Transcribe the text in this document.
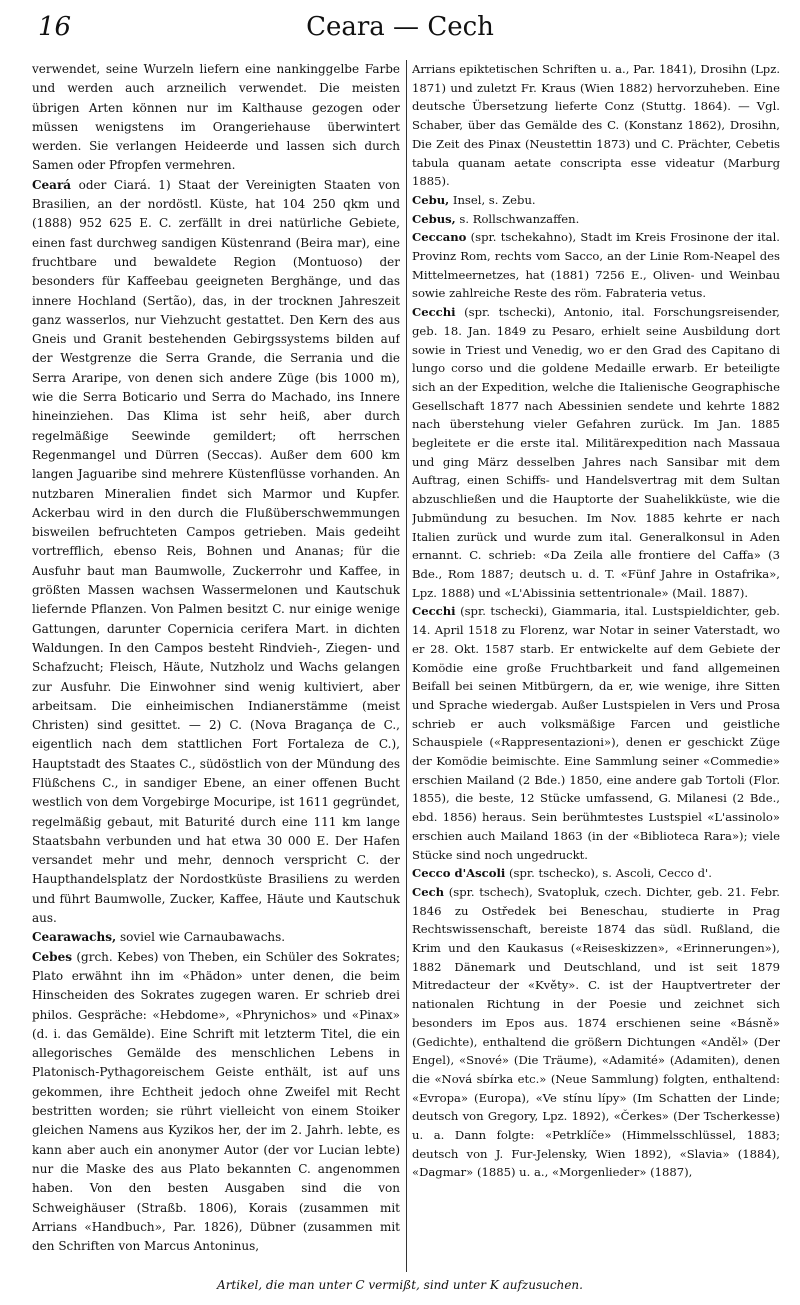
16	Ceara — Cech

verwendet, seine Wurzeln liefern eine nankinggelbe Farbe und werden auch arzneilich verwendet. Die meisten übrigen Arten können nur im Kalthause gezogen oder müssen wenigstens im Orangeriehause überwintert werden. Sie verlangen Heideerde und lassen sich durch Samen oder Pfropfen vermehren.

Ceará oder Ciará. 1) Staat der Vereinigten Staaten von Brasilien, an der nordöstl. Küste, hat 104 250 qkm und (1888) 952 625 E. C. zerfällt in drei natürliche Gebiete, einen fast durchweg sandigen Küstenrand (Beira mar), eine fruchtbare und bewaldete Region (Montuoso) der besonders für Kaffeebau geeigneten Berghänge, und das innere Hochland (Sertão), das, in der trocknen Jahreszeit ganz wasserlos, nur Viehzucht gestattet. Den Kern des aus Gneis und Granit bestehenden Gebirgssystems bilden auf der Westgrenze die Serra Grande, die Serrania und die Serra Araripe, von denen sich andere Züge (bis 1000 m), wie die Serra Boticario und Serra do Machado, ins Innere hineinziehen. Das Klima ist sehr heiß, aber durch regelmäßige Seewinde gemildert; oft herrschen Regenmangel und Dürren (Seccas). Außer dem 600 km langen Jaguaribe sind mehrere Küstenflüsse vorhanden. An nutzbaren Mineralien findet sich Marmor und Kupfer. Ackerbau wird in den durch die Flußüberschwemmungen bisweilen befruchteten Campos getrieben. Mais gedeiht vortrefflich, ebenso Reis, Bohnen und Ananas; für die Ausfuhr baut man Baumwolle, Zuckerrohr und Kaffee, in größten Massen wachsen Wassermelonen und Kautschuk liefernde Pflanzen. Von Palmen besitzt C. nur einige wenige Gattungen, darunter Copernicia cerifera Mart. in dichten Waldungen. In den Campos besteht Rindvieh-, Ziegen- und Schafzucht; Fleisch, Häute, Nutzholz und Wachs gelangen zur Ausfuhr. Die Einwohner sind wenig kultiviert, aber arbeitsam. Die einheimischen Indianerstämme (meist Christen) sind gesittet. — 2) C. (Nova Bragança de C., eigentlich nach dem stattlichen Fort Fortaleza de C.), Hauptstadt des Staates C., südöstlich von der Mündung des Flüßchens C., in sandiger Ebene, an einer offenen Bucht westlich von dem Vorgebirge Mocuripe, ist 1611 gegründet, regelmäßig gebaut, mit Baturité durch eine 111 km lange Staatsbahn verbunden und hat etwa 30 000 E. Der Hafen versandet mehr und mehr, dennoch verspricht C. der Haupthandelsplatz der Nordostküste Brasiliens zu werden und führt Baumwolle, Zucker, Kaffee, Häute und Kautschuk aus.

Cearawachs, soviel wie Carnaubawachs.

Cebes (grch. Kebes) von Theben, ein Schüler des Sokrates; Plato erwähnt ihn im «Phädon» unter denen, die beim Hinscheiden des Sokrates zugegen waren. Er schrieb drei philos. Gespräche: «Hebdome», «Phrynichos» und «Pinax» (d. i. das Gemälde). Eine Schrift mit letzterm Titel, die ein allegorisches Gemälde des menschlichen Lebens in Platonisch-Pythagoreischem Geiste enthält, ist auf uns gekommen, ihre Echtheit jedoch ohne Zweifel mit Recht bestritten worden; sie rührt vielleicht von einem Stoiker gleichen Namens aus Kyzikos her, der im 2. Jahrh. lebte, es kann aber auch ein anonymer Autor (der vor Lucian lebte) nur die Maske des aus Plato bekannten C. angenommen haben. Von den besten Ausgaben sind die von Schweighäuser (Straßb. 1806), Korais (zusammen mit Arrians «Handbuch», Par. 1826), Dübner (zusammen mit den Schriften von Marcus Antoninus,

Arrians epiktetischen Schriften u. a., Par. 1841), Drosihn (Lpz. 1871) und zuletzt Fr. Kraus (Wien 1882) hervorzuheben. Eine deutsche Übersetzung lieferte Conz (Stuttg. 1864). — Vgl. Schaber, über das Gemälde des C. (Konstanz 1862), Drosihn, Die Zeit des Pinax (Neustettin 1873) und C. Prächter, Cebetis tabula quanam aetate conscripta esse videatur (Marburg 1885).

Cebu, Insel, s. Zebu.

Cebus, s. Rollschwanzaffen.

Ceccano (spr. tschekahno), Stadt im Kreis Frosinone der ital. Provinz Rom, rechts vom Sacco, an der Linie Rom-Neapel des Mittelmeernetzes, hat (1881) 7256 E., Oliven- und Weinbau sowie zahlreiche Reste des röm. Fabrateria vetus.

Cecchi (spr. tschecki), Antonio, ital. Forschungsreisender, geb. 18. Jan. 1849 zu Pesaro, erhielt seine Ausbildung dort sowie in Triest und Venedig, wo er den Grad des Capitano di lungo corso und die goldene Medaille erwarb. Er beteiligte sich an der Expedition, welche die Italienische Geographische Gesellschaft 1877 nach Abessinien sendete und kehrte 1882 nach überstehung vieler Gefahren zurück. Im Jan. 1885 begleitete er die erste ital. Militärexpedition nach Massaua und ging März desselben Jahres nach Sansibar mit dem Auftrag, einen Schiffs- und Handelsvertrag mit dem Sultan abzuschließen und die Hauptorte der Suahelikküste, wie die Jubmündung zu besuchen. Im Nov. 1885 kehrte er nach Italien zurück und wurde zum ital. Generalkonsul in Aden ernannt. C. schrieb: «Da Zeila alle frontiere del Caffa» (3 Bde., Rom 1887; deutsch u. d. T. «Fünf Jahre in Ostafrika», Lpz. 1888) und «L'Abissinia settentrionale» (Mail. 1887).

Cecchi (spr. tschecki), Giammaria, ital. Lustspieldichter, geb. 14. April 1518 zu Florenz, war Notar in seiner Vaterstadt, wo er 28. Okt. 1587 starb. Er entwickelte auf dem Gebiete der Komödie eine große Fruchtbarkeit und fand allgemeinen Beifall bei seinen Mitbürgern, da er, wie wenige, ihre Sitten und Sprache wiedergab. Außer Lustspielen in Vers und Prosa schrieb er auch volksmäßige Farcen und geistliche Schauspiele («Rappresentazioni»), denen er geschickt Züge der Komödie beimischte. Eine Sammlung seiner «Commedie» erschien Mailand (2 Bde.) 1850, eine andere gab Tortoli (Flor. 1855), die beste, 12 Stücke umfassend, G. Milanesi (2 Bde., ebd. 1856) heraus. Sein berühmtestes Lustspiel «L'assinolo» erschien auch Mailand 1863 (in der «Biblioteca Rara»); viele Stücke sind noch ungedruckt.

Cecco d'Ascoli (spr. tschecko), s. Ascoli, Cecco d'.

Cech (spr. tschech), Svatopluk, czech. Dichter, geb. 21. Febr. 1846 zu Ostředek bei Beneschau, studierte in Prag Rechtswissenschaft, bereiste 1874 das südl. Rußland, die Krim und den Kaukasus («Reiseskizzen», «Erinnerungen»), 1882 Dänemark und Deutschland, und ist seit 1879 Mitredacteur der «Květy». C. ist der Hauptvertreter der nationalen Richtung in der Poesie und zeichnet sich besonders im Epos aus. 1874 erschienen seine «Básně» (Gedichte), enthaltend die größern Dichtungen «Anděl» (Der Engel), «Snové» (Die Träume), «Adamité» (Adamiten), denen die «Nová sbírka etc.» (Neue Sammlung) folgten, enthaltend: «Evropa» (Europa), «Ve stínu lípy» (Im Schatten der Linde; deutsch von Gregory, Lpz. 1892), «Čerkes» (Der Tscherkesse) u. a. Dann folgte: «Petrklíče» (Himmelsschlüssel, 1883; deutsch von J. Fur-Jelensky, Wien 1892), «Slavia» (1884), «Dagmar» (1885) u. a., «Morgenlieder» (1887),

Artikel, die man unter C vermißt, sind unter K aufzusuchen.
